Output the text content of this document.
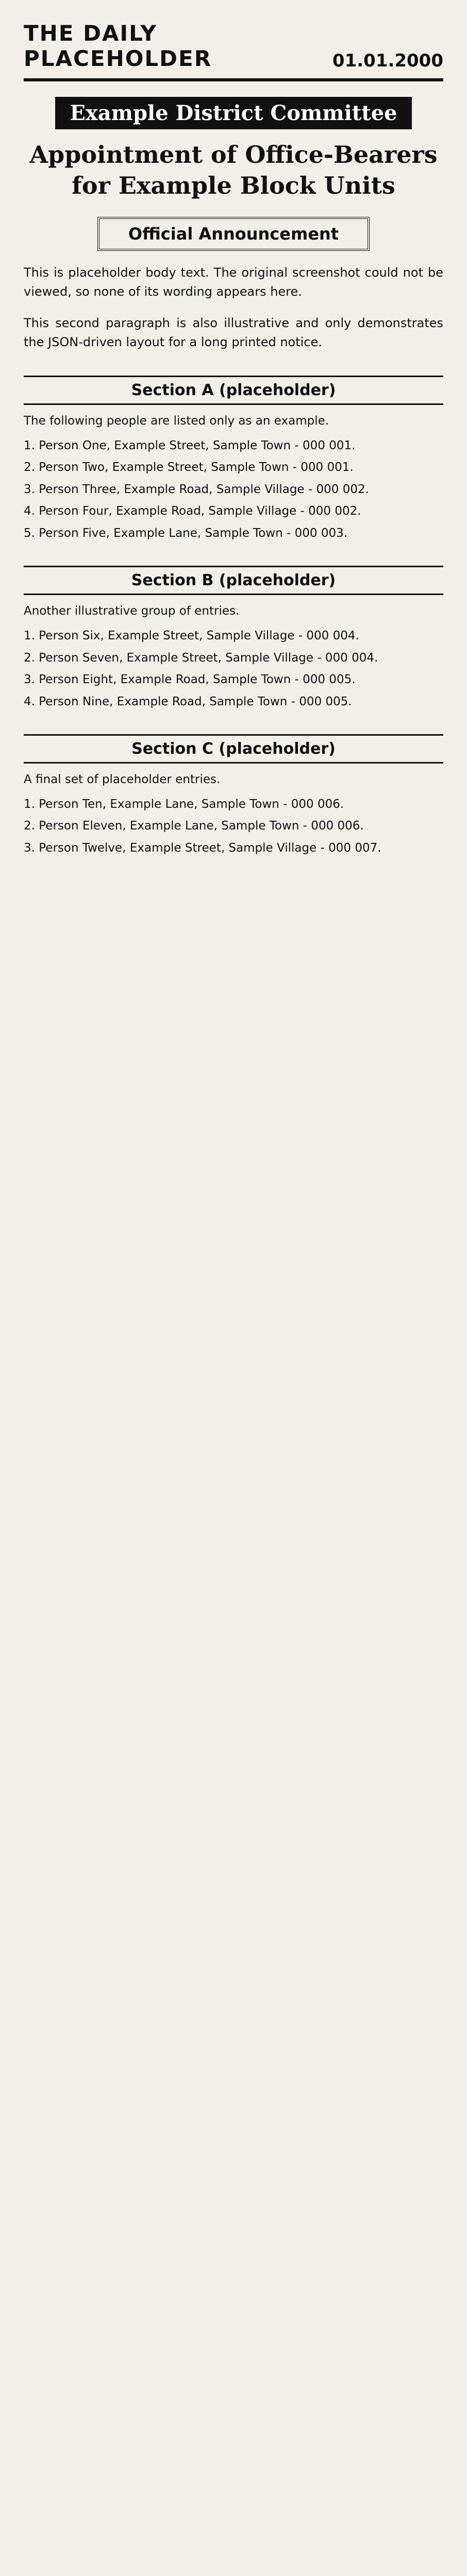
THE DAILY PLACEHOLDER	01.01.2000
Example District Committee
Appointment of Office-Bearers for Example Block Units
Official Announcement

This is placeholder body text. The original screenshot could not be viewed, so none of its wording appears here.

This second paragraph is also illustrative and only demonstrates the JSON-driven layout for a long printed notice.

Section A (placeholder)

The following people are listed only as an example.

1. Person One, Example Street, Sample Town - 000 001.
2. Person Two, Example Street, Sample Town - 000 001.
3. Person Three, Example Road, Sample Village - 000 002.
4. Person Four, Example Road, Sample Village - 000 002.
5. Person Five, Example Lane, Sample Town - 000 003.
Section B (placeholder)

Another illustrative group of entries.

1. Person Six, Example Street, Sample Village - 000 004.
2. Person Seven, Example Street, Sample Village - 000 004.
3. Person Eight, Example Road, Sample Town - 000 005.
4. Person Nine, Example Road, Sample Town - 000 005.
Section C (placeholder)

A final set of placeholder entries.

1. Person Ten, Example Lane, Sample Town - 000 006.
2. Person Eleven, Example Lane, Sample Town - 000 006.
3. Person Twelve, Example Street, Sample Village - 000 007.
